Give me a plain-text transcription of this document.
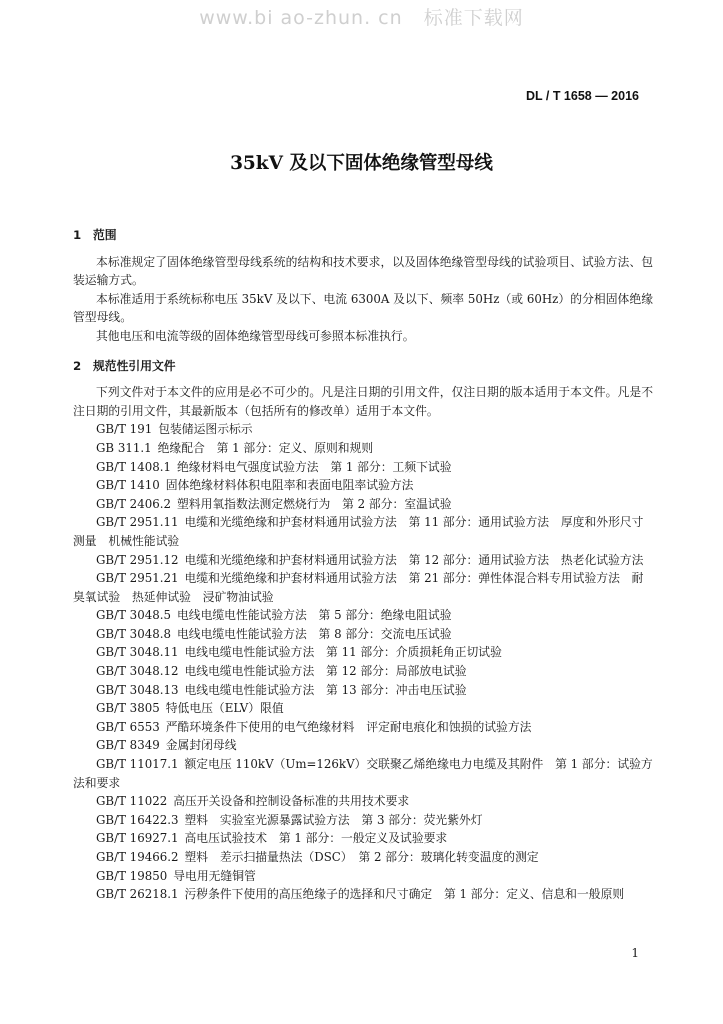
www.bi ao-zhun. cn   标准下载网
DL / T 1658 — 2016
35kV 及以下固体绝缘管型母线

1 范围

本标准规定了固体绝缘管型母线系统的结构和技术要求，以及固体绝缘管型母线的试验项目、试验方法、包装运输方式。

本标准适用于系统标称电压 35kV 及以下、电流 6300A 及以下、频率 50Hz（或 60Hz）的分相固体绝缘管型母线。

其他电压和电流等级的固体绝缘管型母线可参照本标准执行。

2 规范性引用文件

下列文件对于本文件的应用是必不可少的。凡是注日期的引用文件，仅注日期的版本适用于本文件。凡是不注日期的引用文件，其最新版本（包括所有的修改单）适用于本文件。

GB/T 191 包装储运图示标示
GB 311.1 绝缘配合　第 1 部分：定义、原则和规则
GB/T 1408.1 绝缘材料电气强度试验方法　第 1 部分：工频下试验
GB/T 1410 固体绝缘材料体积电阻率和表面电阻率试验方法
GB/T 2406.2 塑料用氧指数法测定燃烧行为　第 2 部分：室温试验
GB/T 2951.11 电缆和光缆绝缘和护套材料通用试验方法　第 11 部分：通用试验方法　厚度和外形尺寸测量　机械性能试验
GB/T 2951.12 电缆和光缆绝缘和护套材料通用试验方法　第 12 部分：通用试验方法　热老化试验方法
GB/T 2951.21 电缆和光缆绝缘和护套材料通用试验方法　第 21 部分：弹性体混合料专用试验方法　耐臭氧试验　热延伸试验　浸矿物油试验
GB/T 3048.5 电线电缆电性能试验方法　第 5 部分：绝缘电阻试验
GB/T 3048.8 电线电缆电性能试验方法　第 8 部分：交流电压试验
GB/T 3048.11 电线电缆电性能试验方法　第 11 部分：介质损耗角正切试验
GB/T 3048.12 电线电缆电性能试验方法　第 12 部分：局部放电试验
GB/T 3048.13 电线电缆电性能试验方法　第 13 部分：冲击电压试验
GB/T 3805 特低电压（ELV）限值
GB/T 6553 严酷环境条件下使用的电气绝缘材料　评定耐电痕化和蚀损的试验方法
GB/T 8349 金属封闭母线
GB/T 11017.1 额定电压 110kV（Um=126kV）交联聚乙烯绝缘电力电缆及其附件　第 1 部分：试验方法和要求
GB/T 11022 高压开关设备和控制设备标准的共用技术要求
GB/T 16422.3 塑料　实验室光源暴露试验方法　第 3 部分：荧光紫外灯
GB/T 16927.1 高电压试验技术　第 1 部分：一般定义及试验要求
GB/T 19466.2 塑料　差示扫描量热法（DSC）　第 2 部分：玻璃化转变温度的测定
GB/T 19850 导电用无缝铜管
GB/T 26218.1 污秽条件下使用的高压绝缘子的选择和尺寸确定　第 1 部分：定义、信息和一般原则
1
